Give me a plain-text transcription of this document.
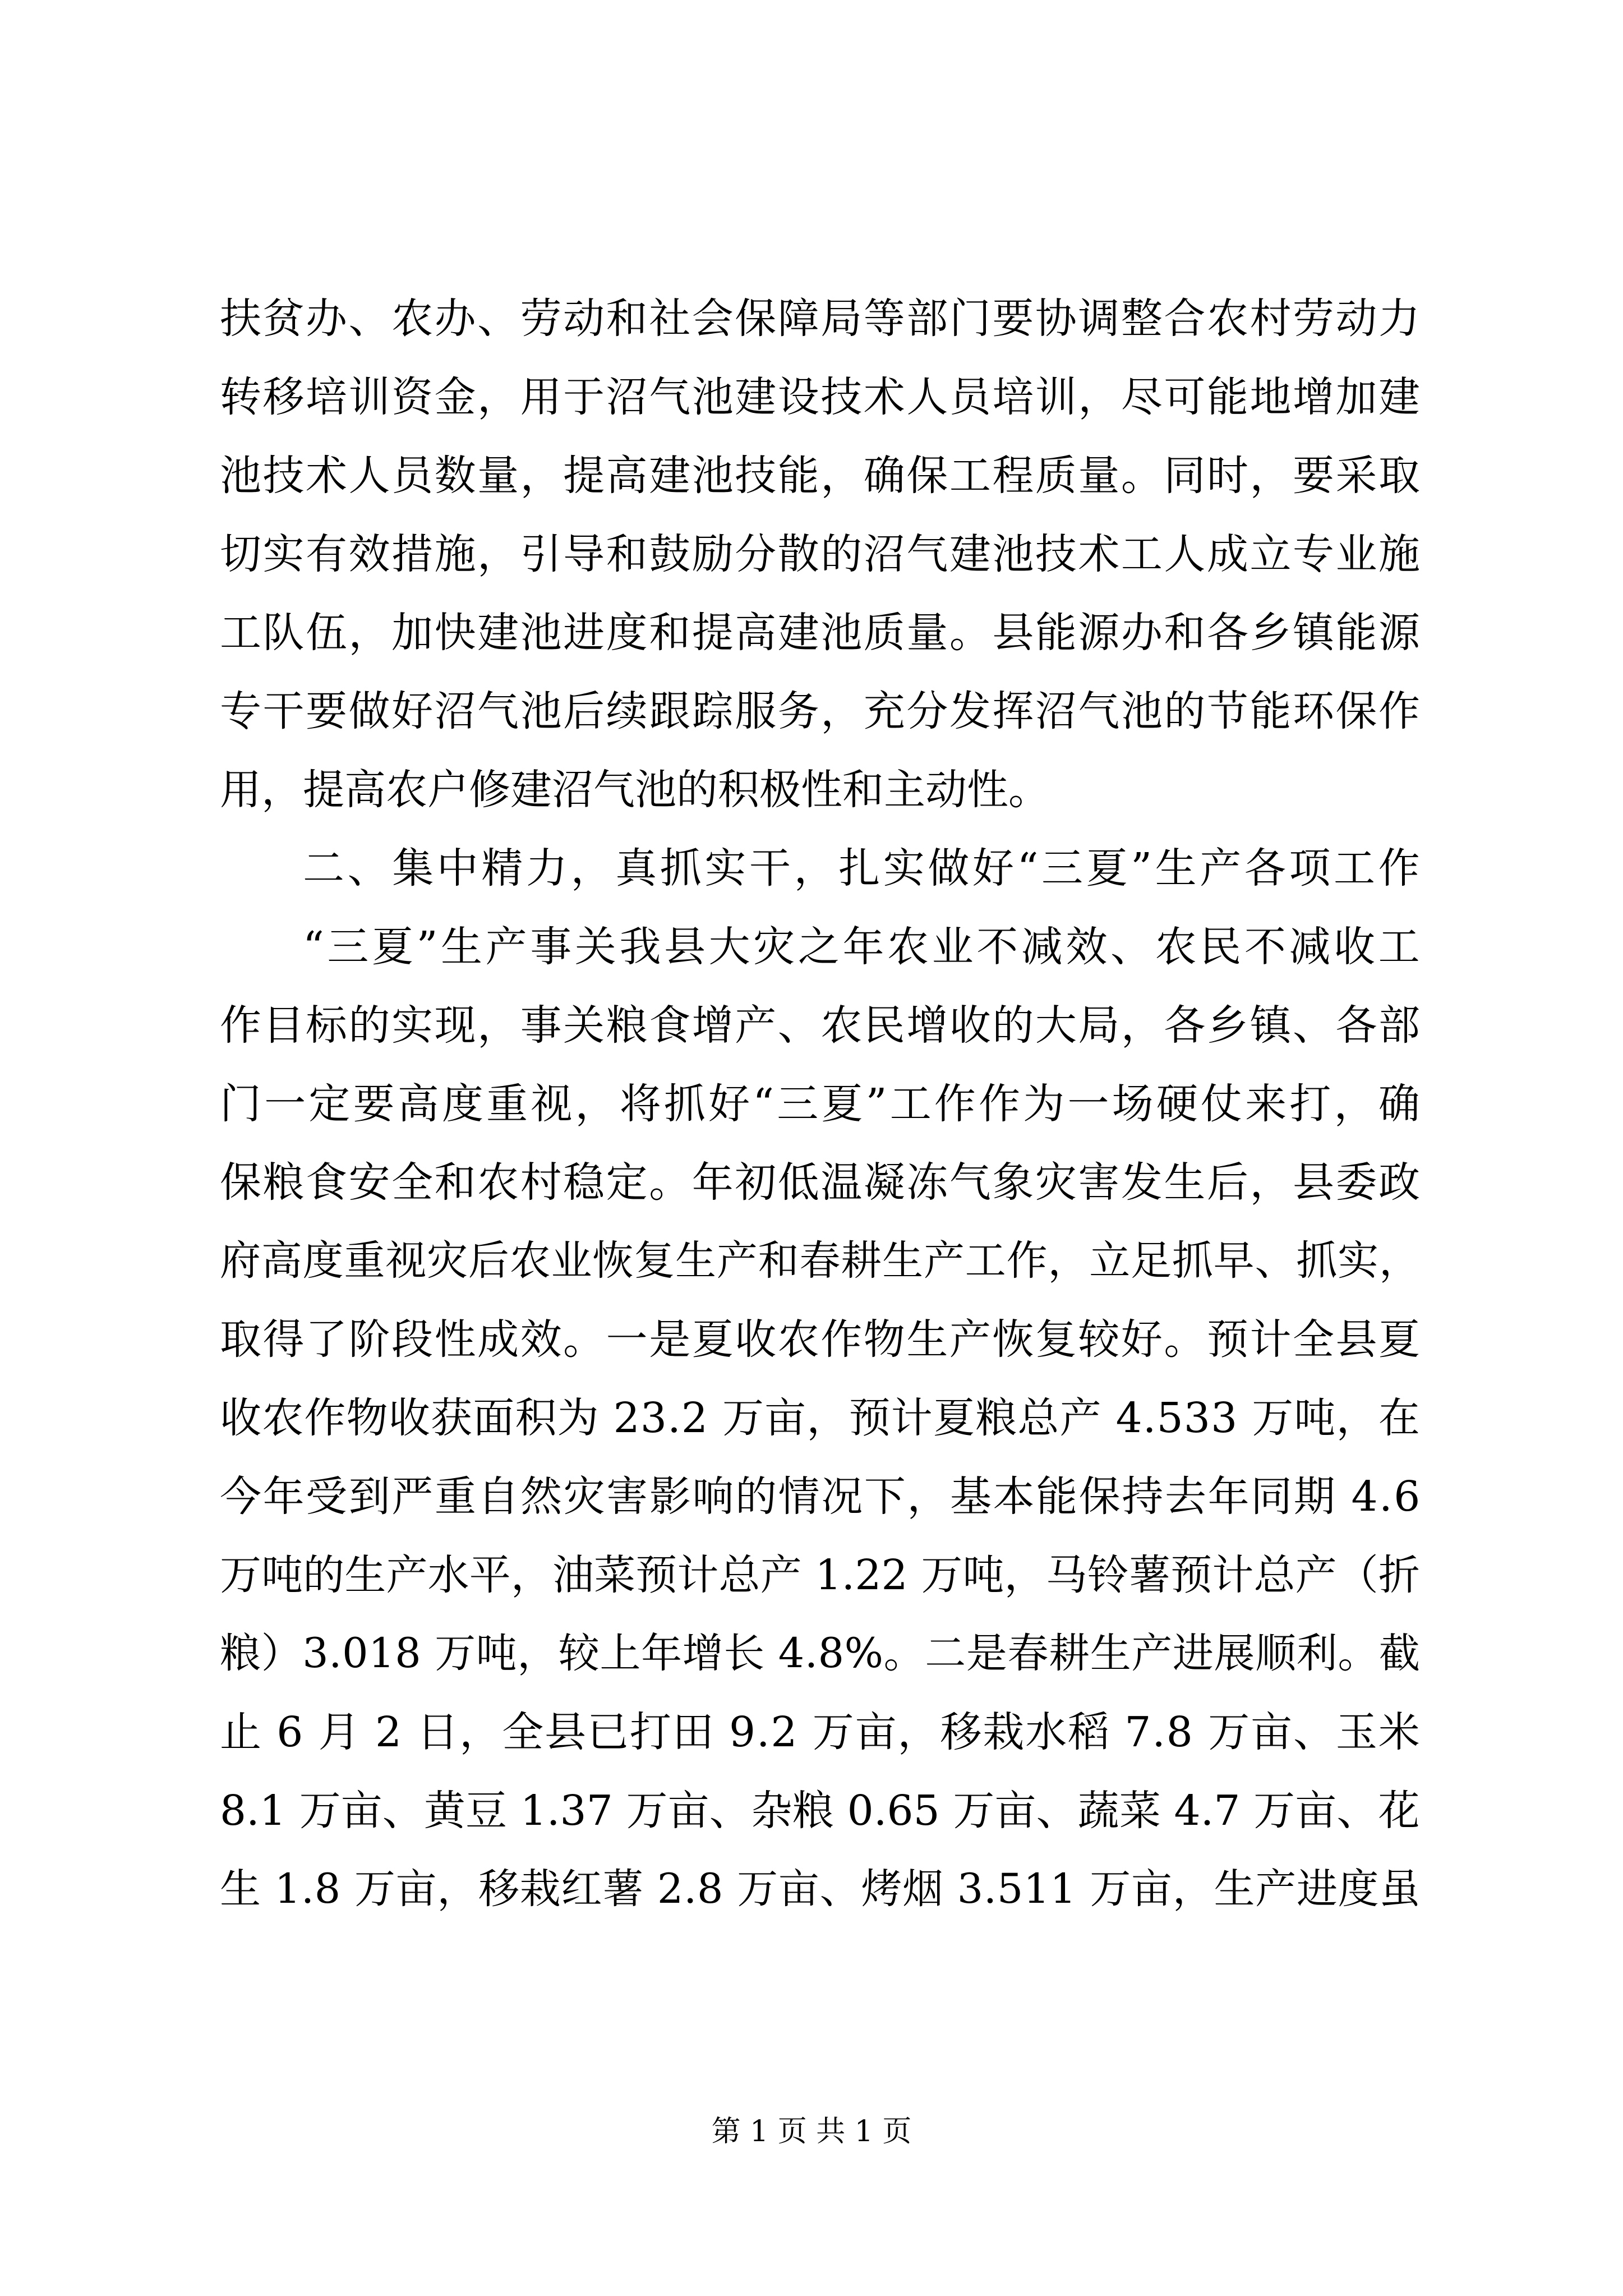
扶贫办、农办、劳动和社会保障局等部门要协调整合农村劳动力
转移培训资金，用于沼气池建设技术人员培训，尽可能地增加建
池技术人员数量，提高建池技能，确保工程质量。同时，要采取
切实有效措施，引导和鼓励分散的沼气建池技术工人成立专业施
工队伍，加快建池进度和提高建池质量。县能源办和各乡镇能源
专干要做好沼气池后续跟踪服务，充分发挥沼气池的节能环保作
用，提高农户修建沼气池的积极性和主动性。
二、集中精力，真抓实干，扎实做好“三夏”生产各项工作
“三夏”生产事关我县大灾之年农业不减效、农民不减收工
作目标的实现，事关粮食增产、农民增收的大局，各乡镇、各部
门一定要高度重视，将抓好“三夏”工作作为一场硬仗来打，确
保粮食安全和农村稳定。年初低温凝冻气象灾害发生后，县委政
府高度重视灾后农业恢复生产和春耕生产工作，立足抓早、抓实，
取得了阶段性成效。一是夏收农作物生产恢复较好。预计全县夏
收农作物收获面积为 23.2 万亩，预计夏粮总产 4.533 万吨，在
今年受到严重自然灾害影响的情况下，基本能保持去年同期 4.6
万吨的生产水平，油菜预计总产 1.22 万吨，马铃薯预计总产（折
粮）3.018 万吨，较上年增长 4.8%。二是春耕生产进展顺利。截
止 6 月 2 日，全县已打田 9.2 万亩，移栽水稻 7.8 万亩、玉米
8.1 万亩、黄豆 1.37 万亩、杂粮 0.65 万亩、蔬菜 4.7 万亩、花
生 1.8 万亩，移栽红薯 2.8 万亩、烤烟 3.511 万亩，生产进度虽
第 1 页 共 1 页
